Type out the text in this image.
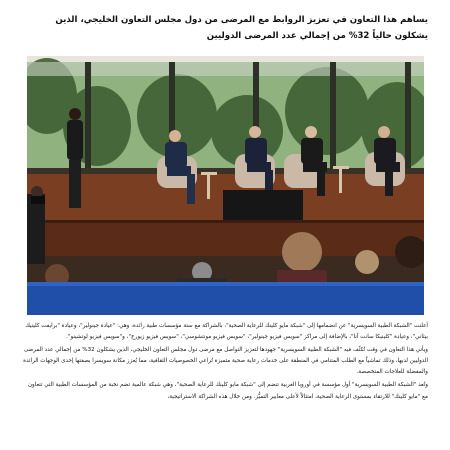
يساهم هذا التعاون في تعزيز الروابط مع المرضى من دول مجلس التعاون الخليجي، الذين يشكلون حالياً 32% من إجمالي عدد المرضى الدوليين

أعلنت "الشبكة الطبية السويسرية" عن انضمامها إلى "شبكة مايو كلينك للرعاية الصحية"، بالشراكة مع ستة مؤسسات طبية رائدة، وهي: "عيادة جينولير"، وعيادة "برايفت كلينيك بيثاني"، وعيادة "كلينيكا سانت آنا"، بالإضافة إلى مراكز "سويس فيزيو جينولير"، "سويس فيزيو مونتشوسي"، "سويس فيزيو زيورخ"، و"سويس فيزيو لوتشينو".

ويأتي هذا التعاون في وقت تُكثّف فيه "الشبكة الطبية السويسرية" جهودها لتعزيز التواصل مع مرضى دول مجلس التعاون الخليجي، الذين يشكلون 32% من إجمالي عدد المرضى الدوليين لديها، وذلك تماشياً مع الطلب المتنامي في المنطقة على خدمات رعاية صحية متميزة تُراعي الخصوصيات الثقافية، مما يُعزز مكانة سويسرا بصفتها إحدى الوجهات الرائدة والمفضلة للعلاجات المتخصصة.

وتُعد "الشبكة الطبية السويسرية" أول مؤسسة في أوروبا الغربية تنضم إلى "شبكة مايو كلينك للرعاية الصحية"، وهي شبكة عالمية تضم نخبة من المؤسسات الطبية التي تتعاون مع "مايو كلينك" للارتقاء بمستوى الرعاية الصحية، امتثالاً لأعلى معايير التميُّز. ومن خلال هذه الشراكة الاستراتيجية،
